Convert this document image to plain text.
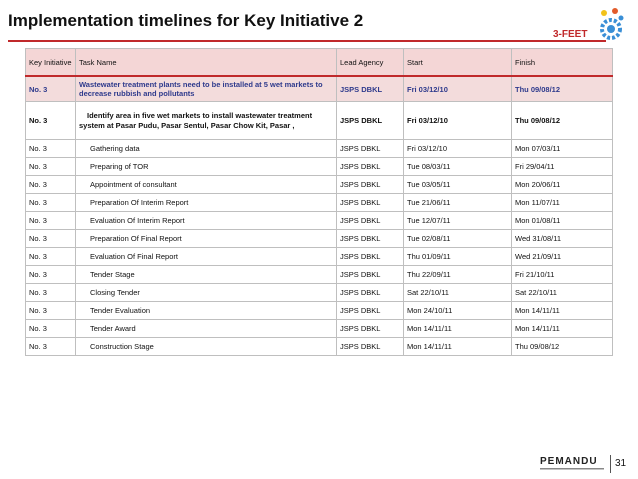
Implementation timelines for Key Initiative 2
3-FEET
Key Initiative	Task Name	Lead Agency	Start	Finish
No. 3	Wastewater treatment plants need to be installed at 5 wet markets to decrease rubbish and pollutants	JSPS DBKL	Fri 03/12/10	Thu 09/08/12
No. 3	Identify area in five wet markets to install wastewater treatment system at Pasar Pudu, Pasar Sentul, Pasar Chow Kit, Pasar ,	JSPS DBKL	Fri 03/12/10	Thu 09/08/12
No. 3	Gathering data	JSPS DBKL	Fri 03/12/10	Mon 07/03/11
No. 3	Preparing of TOR	JSPS DBKL	Tue 08/03/11	Fri 29/04/11
No. 3	Appointment of consultant	JSPS DBKL	Tue 03/05/11	Mon 20/06/11
No. 3	Preparation Of Interim Report	JSPS DBKL	Tue 21/06/11	Mon 11/07/11
No. 3	Evaluation Of Interim Report	JSPS DBKL	Tue 12/07/11	Mon 01/08/11
No. 3	Preparation Of Final Report	JSPS DBKL	Tue 02/08/11	Wed 31/08/11
No. 3	Evaluation Of Final Report	JSPS DBKL	Thu 01/09/11	Wed 21/09/11
No. 3	Tender Stage	JSPS DBKL	Thu 22/09/11	Fri 21/10/11
No. 3	Closing Tender	JSPS DBKL	Sat 22/10/11	Sat 22/10/11
No. 3	Tender Evaluation	JSPS DBKL	Mon 24/10/11	Mon 14/11/11
No. 3	Tender Award	JSPS DBKL	Mon 14/11/11	Mon 14/11/11
No. 3	Construction Stage	JSPS DBKL	Mon 14/11/11	Thu 09/08/12
PEMANDU 31
